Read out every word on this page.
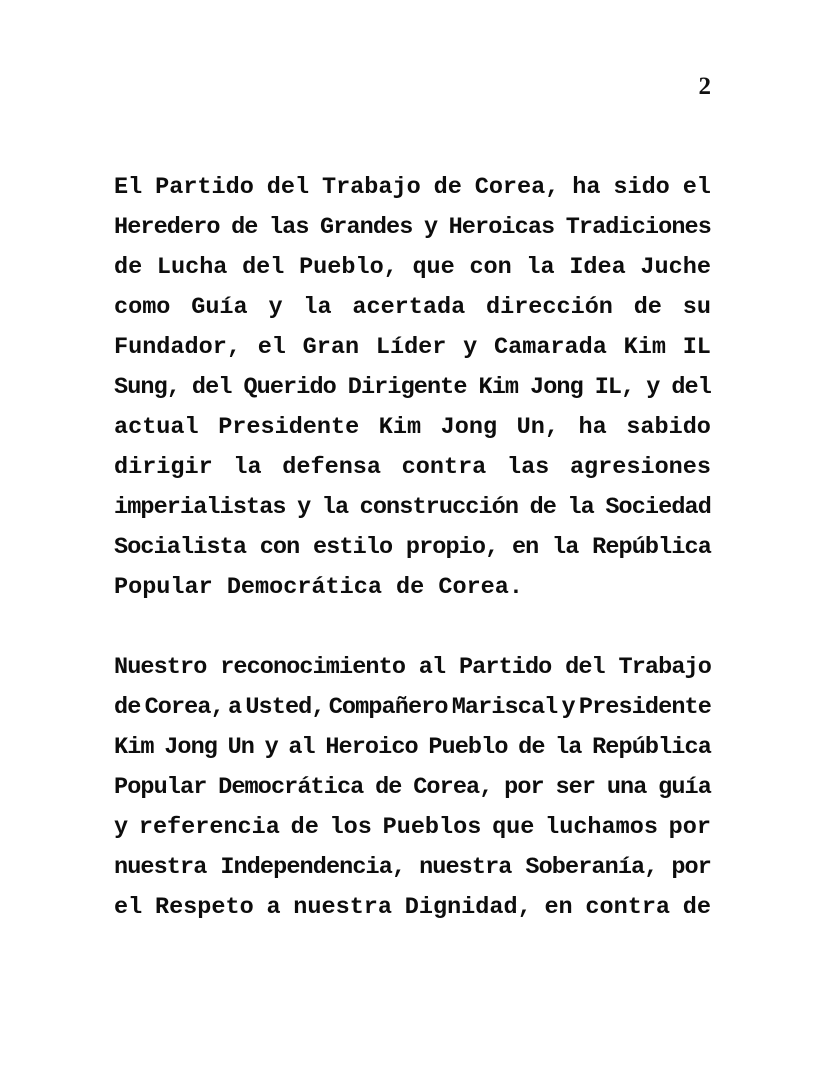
2

El Partido del Trabajo de Corea, ha sido el
Heredero de las Grandes y Heroicas Tradiciones
de Lucha del Pueblo, que con la Idea Juche
como Guía y la acertada dirección de su
Fundador, el Gran Líder y Camarada Kim IL
Sung, del Querido Dirigente Kim Jong IL, y del
actual Presidente Kim Jong Un, ha sabido
dirigir la defensa contra las agresiones
imperialistas y la construcción de la Sociedad
Socialista con estilo propio, en la República
Popular Democrática de Corea.

Nuestro reconocimiento al Partido del Trabajo
de Corea, a Usted, Compañero Mariscal y Presidente
Kim Jong Un y al Heroico Pueblo de la República
Popular Democrática de Corea, por ser una guía
y referencia de los Pueblos que luchamos por
nuestra Independencia, nuestra Soberanía, por
el Respeto a nuestra Dignidad, en contra de
